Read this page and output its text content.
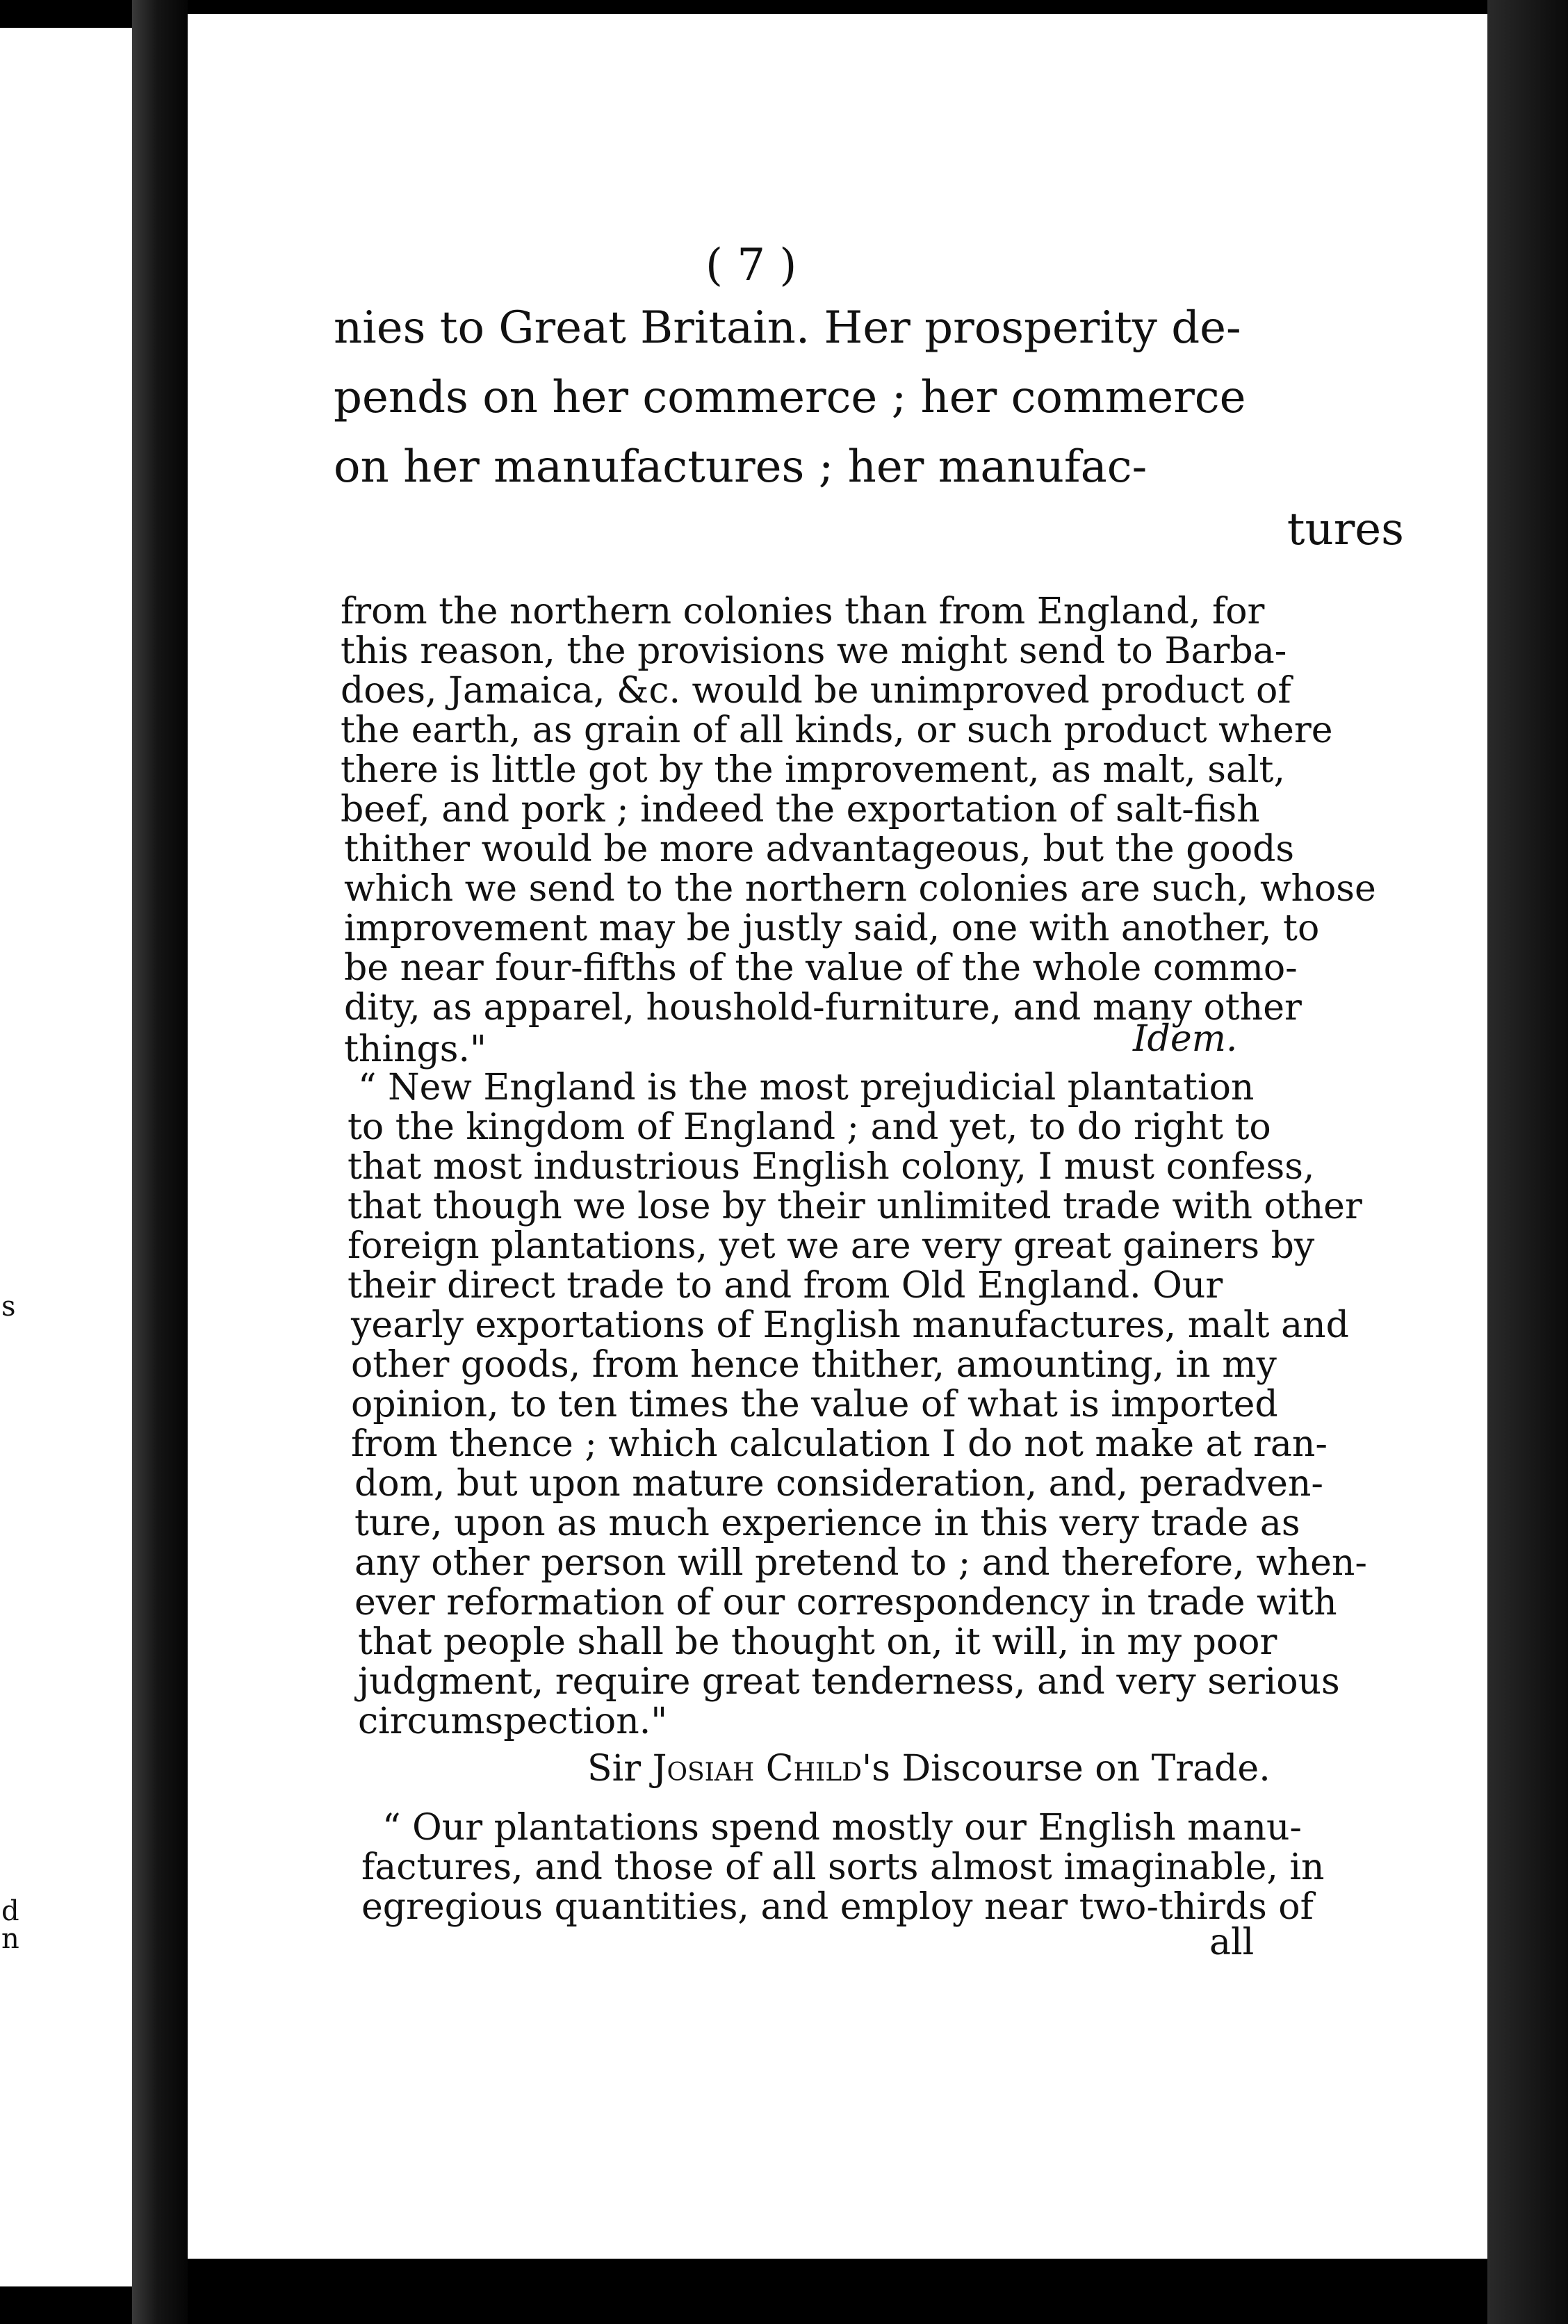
s
d
n
( 7 )
nies to Great Britain. Her prosperity de-
pends on her commerce ; her commerce
on her manufactures ; her manufac-
tures
from the northern colonies than from England, for
this reason, the provisions we might send to Barba-
does, Jamaica, &c. would be unimproved product of
the earth, as grain of all kinds, or such product where
there is little got by the improvement, as malt, salt,
beef, and pork ; indeed the exportation of salt-fish
thither would be more advantageous, but the goods
which we send to the northern colonies are such, whose
improvement may be justly said, one with another, to
be near four-fifths of the value of the whole commo-
dity, as apparel, houshold-furniture, and many other
things."	Idem.
“ New England is the most prejudicial plantation
to the kingdom of England ; and yet, to do right to
that most industrious English colony, I must confess,
that though we lose by their unlimited trade with other
foreign plantations, yet we are very great gainers by
their direct trade to and from Old England. Our
yearly exportations of English manufactures, malt and
other goods, from hence thither, amounting, in my
opinion, to ten times the value of what is imported
from thence ; which calculation I do not make at ran-
dom, but upon mature consideration, and, peradven-
ture, upon as much experience in this very trade as
any other person will pretend to ; and therefore, when-
ever reformation of our correspondency in trade with
that people shall be thought on, it will, in my poor
judgment, require great tenderness, and very serious
circumspection."
Sir Josiah Child's Discourse on Trade.
“ Our plantations spend mostly our English manu-
factures, and those of all sorts almost imaginable, in
egregious quantities, and employ near two-thirds of
all
